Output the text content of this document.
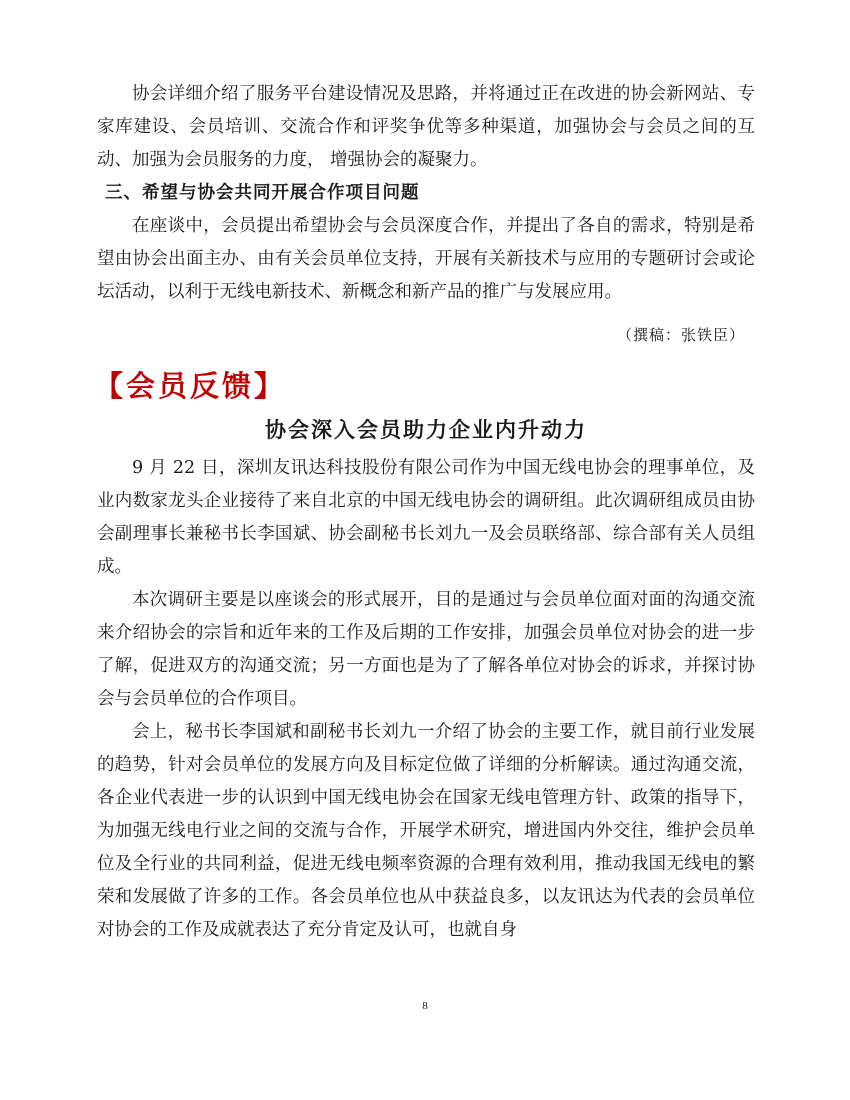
协会详细介绍了服务平台建设情况及思路，并将通过正在改进的协会新网站、专家库建设、会员培训、交流合作和评奖争优等多种渠道，加强协会与会员之间的互动、加强为会员服务的力度， 增强协会的凝聚力。

三、希望与协会共同开展合作项目问题

在座谈中，会员提出希望协会与会员深度合作，并提出了各自的需求，特别是希望由协会出面主办、由有关会员单位支持，开展有关新技术与应用的专题研讨会或论坛活动，以利于无线电新技术、新概念和新产品的推广与发展应用。

（撰稿：张铁臣）

【会员反馈】
协会深入会员助力企业内升动力

9 月 22 日，深圳友讯达科技股份有限公司作为中国无线电协会的理事单位，及业内数家龙头企业接待了来自北京的中国无线电协会的调研组。此次调研组成员由协会副理事长兼秘书长李国斌、协会副秘书长刘九一及会员联络部、综合部有关人员组成。

本次调研主要是以座谈会的形式展开，目的是通过与会员单位面对面的沟通交流来介绍协会的宗旨和近年来的工作及后期的工作安排，加强会员单位对协会的进一步了解，促进双方的沟通交流；另一方面也是为了了解各单位对协会的诉求，并探讨协会与会员单位的合作项目。

会上，秘书长李国斌和副秘书长刘九一介绍了协会的主要工作，就目前行业发展的趋势，针对会员单位的发展方向及目标定位做了详细的分析解读。通过沟通交流，各企业代表进一步的认识到中国无线电协会在国家无线电管理方针、政策的指导下，为加强无线电行业之间的交流与合作，开展学术研究，增进国内外交往，维护会员单位及全行业的共同利益，促进无线电频率资源的合理有效利用，推动我国无线电的繁荣和发展做了许多的工作。各会员单位也从中获益良多，以友讯达为代表的会员单位对协会的工作及成就表达了充分肯定及认可，也就自身

8
